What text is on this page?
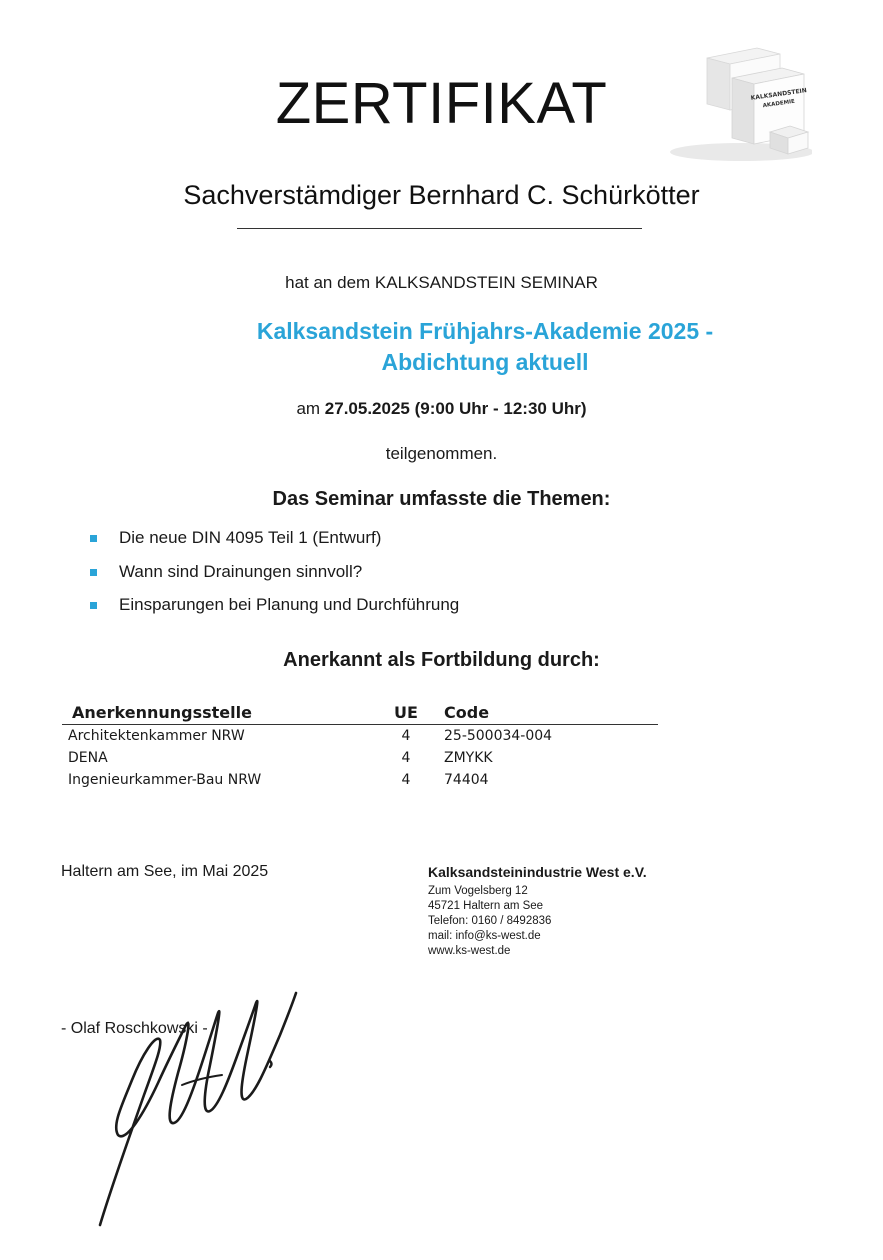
ZERTIFIKAT	KALKSANDSTEIN
AKADEMIE
Sachverstämdiger Bernhard C. Schürkötter
hat an dem KALKSANDSTEIN SEMINAR
Kalksandstein Frühjahrs-Akademie 2025 -
Abdichtung aktuell
am 27.05.2025 (9:00 Uhr - 12:30 Uhr)
teilgenommen.
Das Seminar umfasste die Themen:
Die neue DIN 4095 Teil 1 (Entwurf)
Wann sind Drainungen sinnvoll?
Einsparungen bei Planung und Durchführung
Anerkannt als Fortbildung durch:
Anerkennungsstelle	UE	Code
Architektenkammer NRW	4	25-500034-004
DENA	4	ZMYKK
Ingenieurkammer-Bau NRW	4	74404
Haltern am See, im Mai 2025	Kalksandsteinindustrie West e.V.
Zum Vogelsberg 12
45721 Haltern am See
Telefon: 0160 / 8492836
mail: info@ks-west.de
www.ks-west.de
- Olaf Roschkowski -
